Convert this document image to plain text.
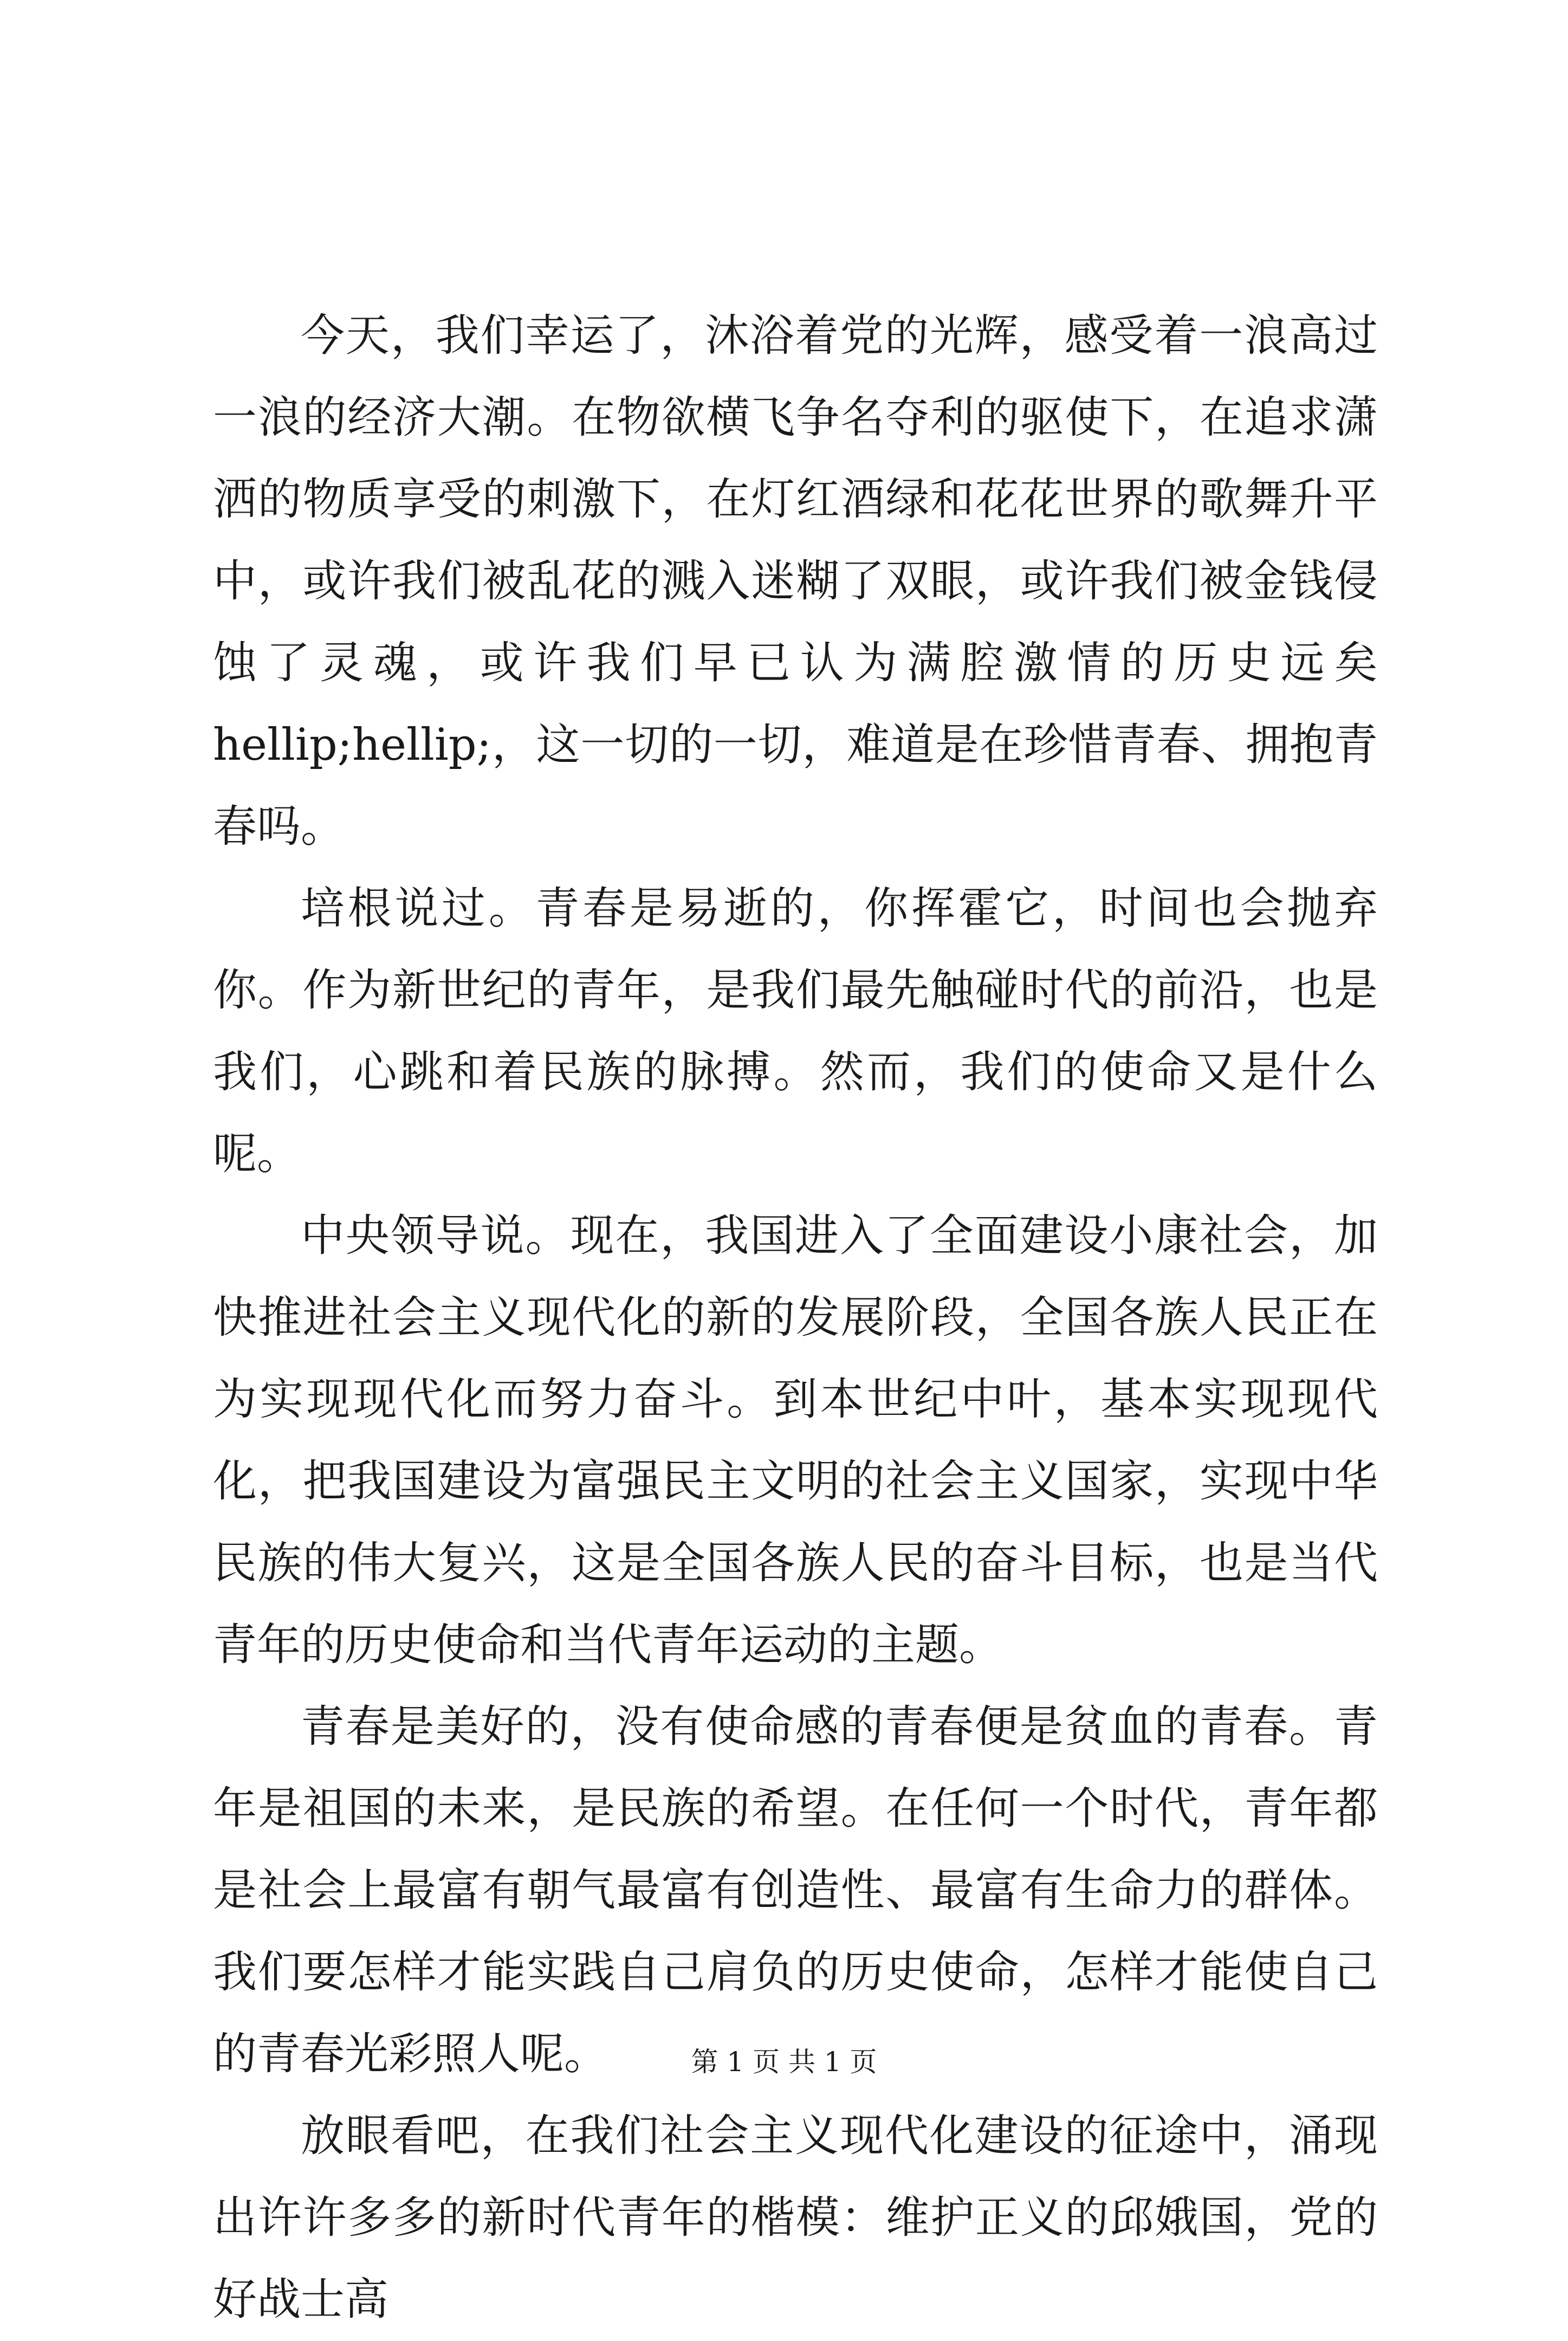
今天，我们幸运了，沐浴着党的光辉，感受着一浪高过一浪的经济大潮。在物欲横飞争名夺利的驱使下，在追求潇洒的物质享受的刺激下，在灯红酒绿和花花世界的歌舞升平中，或许我们被乱花的溅入迷糊了双眼，或许我们被金钱侵蚀了灵魂，或许我们早已认为满腔激情的历史远矣 hellip;hellip;，这一切的一切，难道是在珍惜青春、拥抱青春吗。

培根说过。青春是易逝的，你挥霍它，时间也会抛弃你。作为新世纪的青年，是我们最先触碰时代的前沿，也是我们，心跳和着民族的脉搏。然而，我们的使命又是什么呢。

中央领导说。现在，我国进入了全面建设小康社会，加快推进社会主义现代化的新的发展阶段，全国各族人民正在为实现现代化而努力奋斗。到本世纪中叶，基本实现现代化，把我国建设为富强民主文明的社会主义国家，实现中华民族的伟大复兴，这是全国各族人民的奋斗目标，也是当代青年的历史使命和当代青年运动的主题。

青春是美好的，没有使命感的青春便是贫血的青春。青年是祖国的未来，是民族的希望。在任何一个时代，青年都是社会上最富有朝气最富有创造性、最富有生命力的群体。我们要怎样才能实践自己肩负的历史使命，怎样才能使自己的青春光彩照人呢。

放眼看吧，在我们社会主义现代化建设的征途中，涌现出许许多多的新时代青年的楷模：维护正义的邱娥国，党的好战士高

第 1 页 共 1 页
